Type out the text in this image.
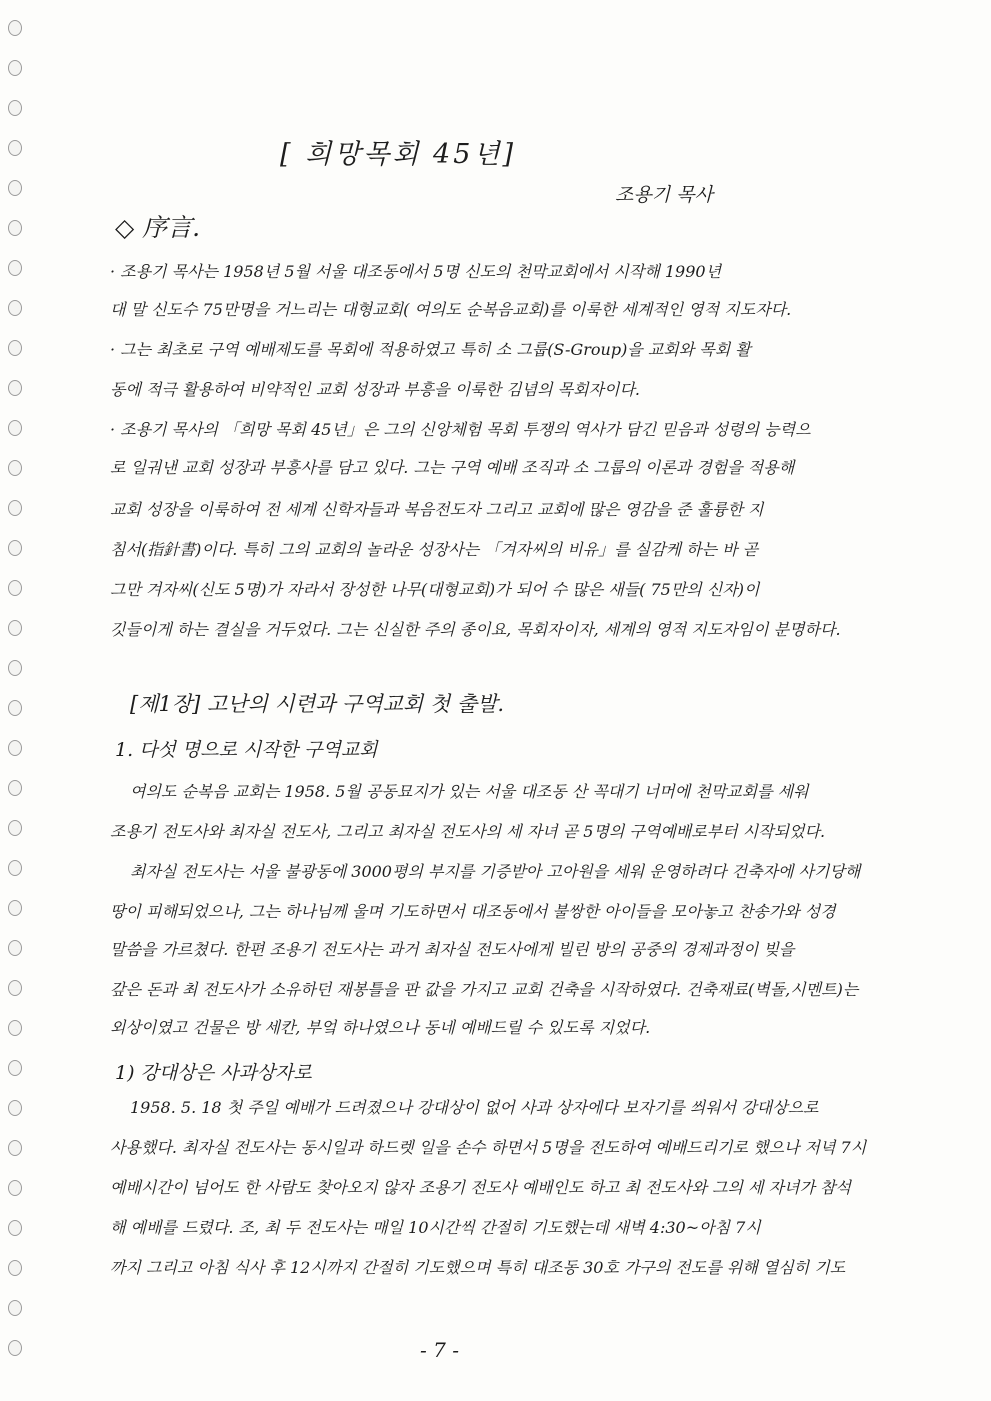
[ 희망목회 45년]
조용기 목사
◇ 序言.
· 조용기 목사는 1958년 5월 서울 대조동에서 5명 신도의 천막교회에서 시작해 1990년
대 말 신도수 75만명을 거느리는 대형교회( 여의도 순복음교회)를 이룩한 세계적인 영적 지도자다.
· 그는 최초로 구역 예배제도를 목회에 적용하였고 특히 소 그룹(S-Group)을 교회와 목회 활
동에 적극 활용하여 비약적인 교회 성장과 부흥을 이룩한 김념의 목회자이다.
· 조용기 목사의 「희망 목회 45년」은 그의 신앙체험 목회 투쟁의 역사가 담긴 믿음과 성령의 능력으
로 일궈낸 교회 성장과 부흥사를 담고 있다. 그는 구역 예배 조직과 소 그룹의 이론과 경험을 적용해
교회 성장을 이룩하여 전 세계 신학자들과 복음전도자 그리고 교회에 많은 영감을 준 훌륭한 지
침서(指針書)이다. 특히 그의 교회의 놀라운 성장사는 「겨자씨의 비유」를 실감케 하는 바 곧
그만 겨자씨(신도 5명)가 자라서 장성한 나무(대형교회)가 되어 수 많은 새들( 75만의 신자)이
깃들이게 하는 결실을 거두었다. 그는 신실한 주의 종이요, 목회자이자, 세계의 영적 지도자임이 분명하다.
[제1장] 고난의 시련과 구역교회 첫 출발.
1. 다섯 명으로 시작한 구역교회
여의도 순복음 교회는 1958. 5월 공동묘지가 있는 서울 대조동 산 꼭대기 너머에 천막교회를 세워
조용기 전도사와 최자실 전도사, 그리고 최자실 전도사의 세 자녀 곧 5명의 구역예배로부터 시작되었다.
최자실 전도사는 서울 불광동에 3000평의 부지를 기증받아 고아원을 세워 운영하려다 건축자에 사기당해
땅이 피해되었으나, 그는 하나님께 울며 기도하면서 대조동에서 불쌍한 아이들을 모아놓고 찬송가와 성경
말씀을 가르쳤다. 한편 조용기 전도사는 과거 최자실 전도사에게 빌린 방의 공중의 경제과정이 빚을
갚은 돈과 최 전도사가 소유하던 재봉틀을 판 값을 가지고 교회 건축을 시작하였다. 건축재료(벽돌,시멘트)는
외상이였고 건물은 방 세칸, 부엌 하나였으나 동네 예배드릴 수 있도록 지었다.
1) 강대상은 사과상자로
1958. 5. 18 첫 주일 예배가 드려졌으나 강대상이 없어 사과 상자에다 보자기를 씌워서 강대상으로
사용했다. 최자실 전도사는 동시일과 하드렛 일을 손수 하면서 5명을 전도하여 예배드리기로 했으나 저녁 7시
예배시간이 넘어도 한 사람도 찾아오지 않자 조용기 전도사 예배인도 하고 최 전도사와 그의 세 자녀가 참석
해 예배를 드렸다. 조, 최 두 전도사는 매일 10시간씩 간절히 기도했는데 새벽 4:30~아침 7시
까지 그리고 아침 식사 후 12시까지 간절히 기도했으며 특히 대조동 30호 가구의 전도를 위해 열심히 기도
- 7 -
